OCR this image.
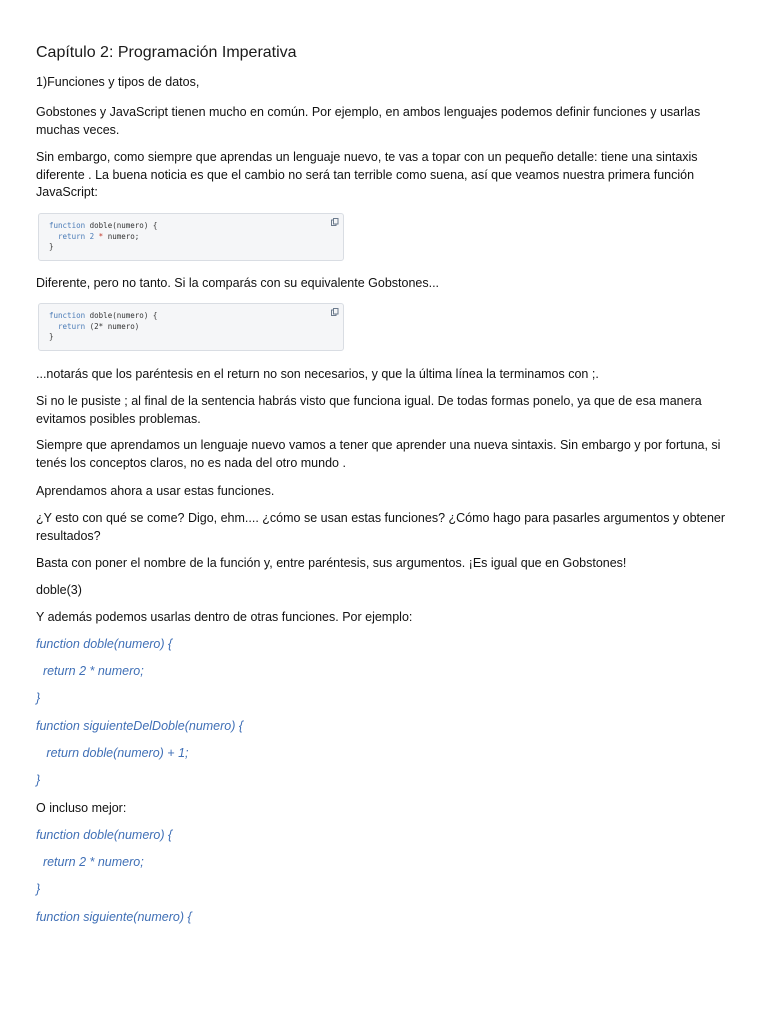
Capítulo 2: Programación Imperativa

1)Funciones y tipos de datos,

Gobstones y JavaScript tienen mucho en común. Por ejemplo, en ambos lenguajes podemos definir funciones y usarlas muchas veces.

Sin embargo, como siempre que aprendas un lenguaje nuevo, te vas a topar con un pequeño detalle: tiene una sintaxis diferente . La buena noticia es que el cambio no será tan terrible como suena, así que veamos nuestra primera función JavaScript:

function doble(numero) {
return 2 * numero;
}

Diferente, pero no tanto. Si la comparás con su equivalente Gobstones...

function doble(numero) {
return (2* numero)
}

...notarás que los paréntesis en el return no son necesarios, y que la última línea la terminamos con ;.

Si no le pusiste ; al final de la sentencia habrás visto que funciona igual. De todas formas ponelo, ya que de esa manera evitamos posibles problemas.

Siempre que aprendamos un lenguaje nuevo vamos a tener que aprender una nueva sintaxis. Sin embargo y por fortuna, si tenés los conceptos claros, no es nada del otro mundo .

Aprendamos ahora a usar estas funciones.

¿Y esto con qué se come? Digo, ehm.... ¿cómo se usan estas funciones? ¿Cómo hago para pasarles argumentos y obtener resultados?

Basta con poner el nombre de la función y, entre paréntesis, sus argumentos. ¡Es igual que en Gobstones!

doble(3)

Y además podemos usarlas dentro de otras funciones. Por ejemplo:

function doble(numero) {

return 2 * numero;

}

function siguienteDelDoble(numero) {

return doble(numero) + 1;

}

O incluso mejor:

function doble(numero) {

return 2 * numero;

}

function siguiente(numero) {
